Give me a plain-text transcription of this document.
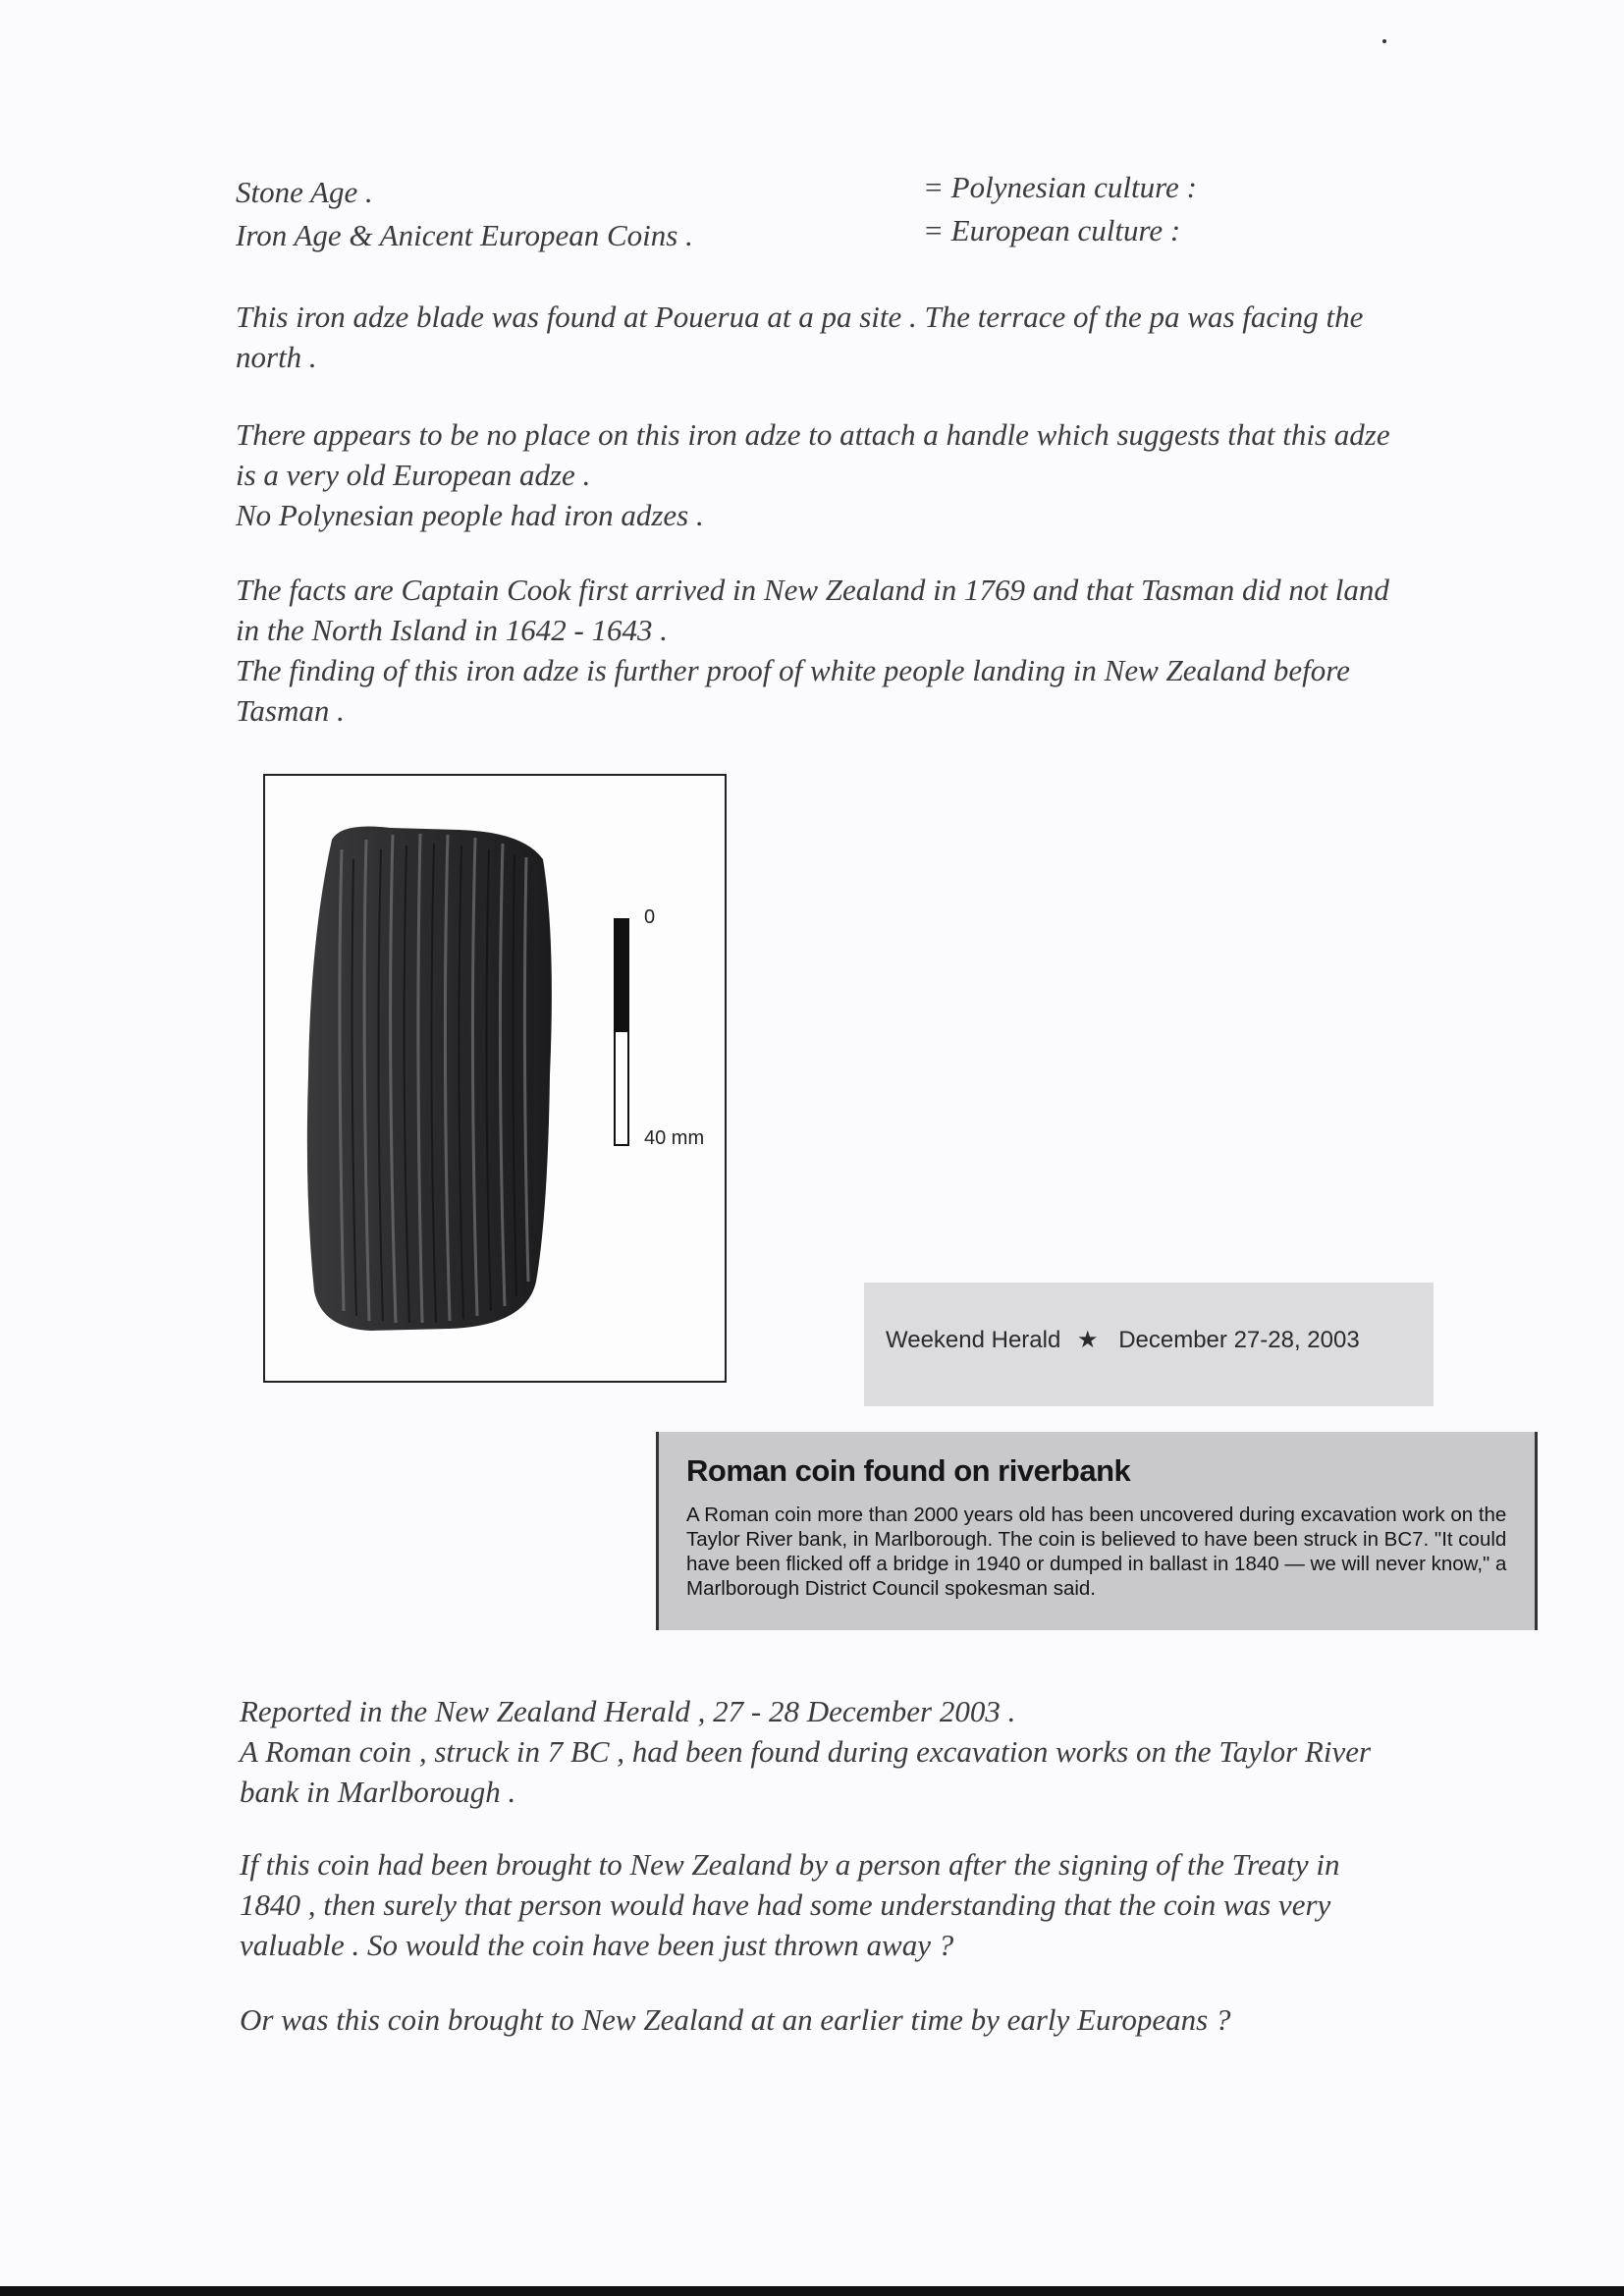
Stone Age .
Iron Age & Anicent European Coins .
= Polynesian culture :
= European culture :

This iron adze blade was found at Pouerua at a pa site . The terrace of the pa was facing the north .

There appears to be no place on this iron adze to attach a handle which suggests that this adze is a very old European adze .

No Polynesian people had iron adzes .

The facts are Captain Cook first arrived in New Zealand in 1769 and that Tasman did not land in the North Island in 1642 - 1643 .

The finding of this iron adze is further proof of white people landing in New Zealand before Tasman .

0
40 mm
Weekend Herald ★ December 27-28, 2003
Roman coin found on riverbank
A Roman coin more than 2000 years old has been uncovered during excavation work on the Taylor River bank, in Marlborough. The coin is believed to have been struck in BC7. "It could have been flicked off a bridge in 1940 or dumped in ballast in 1840 — we will never know," a Marlborough District Council spokesman said.

Reported in the New Zealand Herald , 27 - 28 December 2003 .

A Roman coin , struck in 7 BC , had been found during excavation works on the Taylor River bank in Marlborough .

If this coin had been brought to New Zealand by a person after the signing of the Treaty in 1840 , then surely that person would have had some understanding that the coin was very valuable . So would the coin have been just thrown away ?

Or was this coin brought to New Zealand at an earlier time by early Europeans ?
